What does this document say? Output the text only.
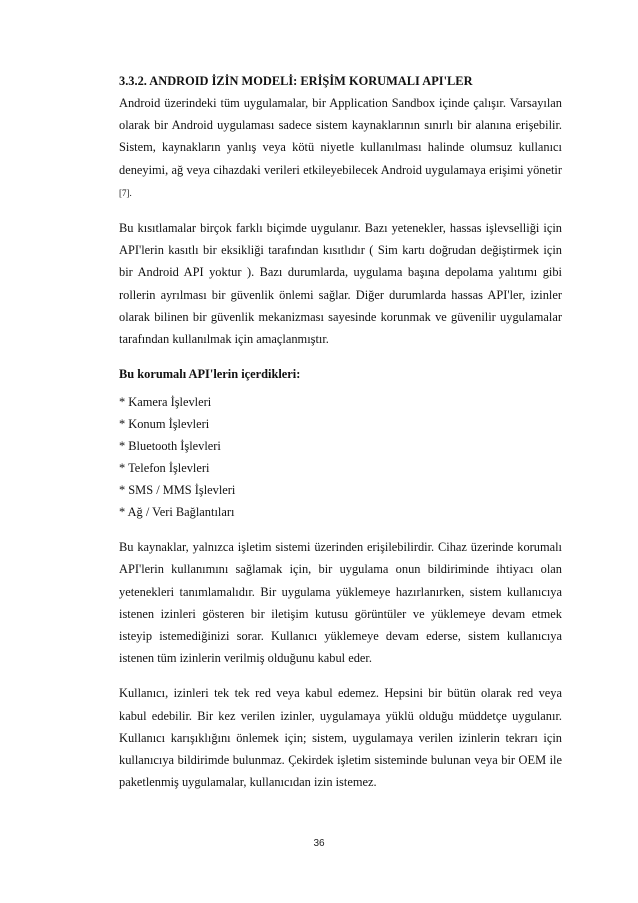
3.3.2. ANDROID İZİN MODELİ: ERİŞİM KORUMALI API'LER

Android üzerindeki tüm uygulamalar, bir Application Sandbox içinde çalışır. Varsayılan olarak bir Android uygulaması sadece sistem kaynaklarının sınırlı bir alanına erişebilir. Sistem, kaynakların yanlış veya kötü niyetle kullanılması halinde olumsuz kullanıcı deneyimi, ağ veya cihazdaki verileri etkileyebilecek Android uygulamaya erişimi yönetir [7].

Bu kısıtlamalar birçok farklı biçimde uygulanır. Bazı yetenekler, hassas işlevselliği için API'lerin kasıtlı bir eksikliği tarafından kısıtlıdır ( Sim kartı doğrudan değiştirmek için bir Android API yoktur ). Bazı durumlarda, uygulama başına depolama yalıtımı gibi rollerin ayrılması bir güvenlik önlemi sağlar. Diğer durumlarda hassas API'ler, izinler olarak bilinen bir güvenlik mekanizması sayesinde korunmak ve güvenilir uygulamalar tarafından kullanılmak için amaçlanmıştır.

Bu korumalı API'lerin içerdikleri:
* Kamera İşlevleri
* Konum İşlevleri
* Bluetooth İşlevleri
* Telefon İşlevleri
* SMS / MMS İşlevleri
* Ağ / Veri Bağlantıları

Bu kaynaklar, yalnızca işletim sistemi üzerinden erişilebilirdir. Cihaz üzerinde korumalı API'lerin kullanımını sağlamak için, bir uygulama onun bildiriminde ihtiyacı olan yetenekleri tanımlamalıdır. Bir uygulama yüklemeye hazırlanırken, sistem kullanıcıya istenen izinleri gösteren bir iletişim kutusu görüntüler ve yüklemeye devam etmek isteyip istemediğinizi sorar. Kullanıcı yüklemeye devam ederse, sistem kullanıcıya istenen tüm izinlerin verilmiş olduğunu kabul eder.

Kullanıcı, izinleri tek tek red veya kabul edemez. Hepsini bir bütün olarak red veya kabul edebilir. Bir kez verilen izinler, uygulamaya yüklü olduğu müddetçe uygulanır. Kullanıcı karışıklığını önlemek için; sistem, uygulamaya verilen izinlerin tekrarı için kullanıcıya bildirimde bulunmaz. Çekirdek işletim sisteminde bulunan veya bir OEM ile paketlenmiş uygulamalar, kullanıcıdan izin istemez.

36
